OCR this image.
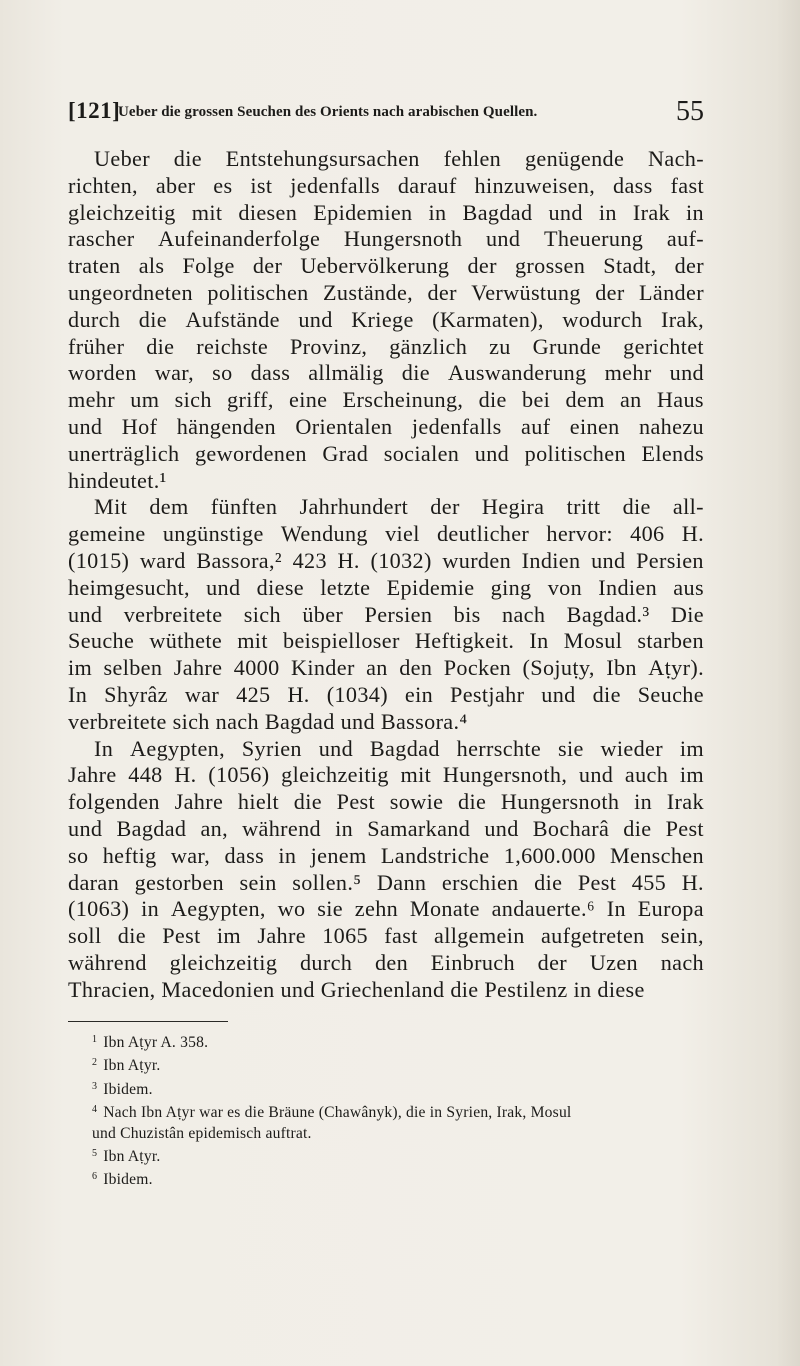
[121]
Ueber die grossen Seuchen des Orients nach arabischen Quellen.	55
Ueber die Entstehungsursachen fehlen genügende Nach-
richten, aber es ist jedenfalls darauf hinzuweisen, dass fast
gleichzeitig mit diesen Epidemien in Bagdad und in Irak in
rascher Aufeinanderfolge Hungersnoth und Theuerung auf-
traten als Folge der Uebervölkerung der grossen Stadt, der
ungeordneten politischen Zustände, der Verwüstung der Länder
durch die Aufstände und Kriege (Karmaten), wodurch Irak,
früher die reichste Provinz, gänzlich zu Grunde gerichtet
worden war, so dass allmälig die Auswanderung mehr und
mehr um sich griff, eine Erscheinung, die bei dem an Haus
und Hof hängenden Orientalen jedenfalls auf einen nahezu
unerträglich gewordenen Grad socialen und politischen Elends
hindeutet.¹
Mit dem fünften Jahrhundert der Hegira tritt die all-
gemeine ungünstige Wendung viel deutlicher hervor: 406 H.
(1015) ward Bassora,² 423 H. (1032) wurden Indien und Persien
heimgesucht, und diese letzte Epidemie ging von Indien aus
und verbreitete sich über Persien bis nach Bagdad.³ Die
Seuche wüthete mit beispielloser Heftigkeit. In Mosul starben
im selben Jahre 4000 Kinder an den Pocken (Sojuṭy, Ibn Aṭyr).
In Shyrâz war 425 H. (1034) ein Pestjahr und die Seuche
verbreitete sich nach Bagdad und Bassora.⁴
In Aegypten, Syrien und Bagdad herrschte sie wieder im
Jahre 448 H. (1056) gleichzeitig mit Hungersnoth, und auch im
folgenden Jahre hielt die Pest sowie die Hungersnoth in Irak
und Bagdad an, während in Samarkand und Bocharâ die Pest
so heftig war, dass in jenem Landstriche 1,600.000 Menschen
daran gestorben sein sollen.⁵ Dann erschien die Pest 455 H.
(1063) in Aegypten, wo sie zehn Monate andauerte.⁶ In Europa
soll die Pest im Jahre 1065 fast allgemein aufgetreten sein,
während gleichzeitig durch den Einbruch der Uzen nach
Thracien, Macedonien und Griechenland die Pestilenz in diese
$^1$ Ibn Aṭyr A. 358.
$^2$ Ibn Aṭyr.
$^3$ Ibidem.
$^4$ Nach Ibn Aṭyr war es die Bräune (Chawânyk), die in Syrien, Irak, Mosul
und Chuzistân epidemisch auftrat.
$^5$ Ibn Aṭyr.
$^6$ Ibidem.
